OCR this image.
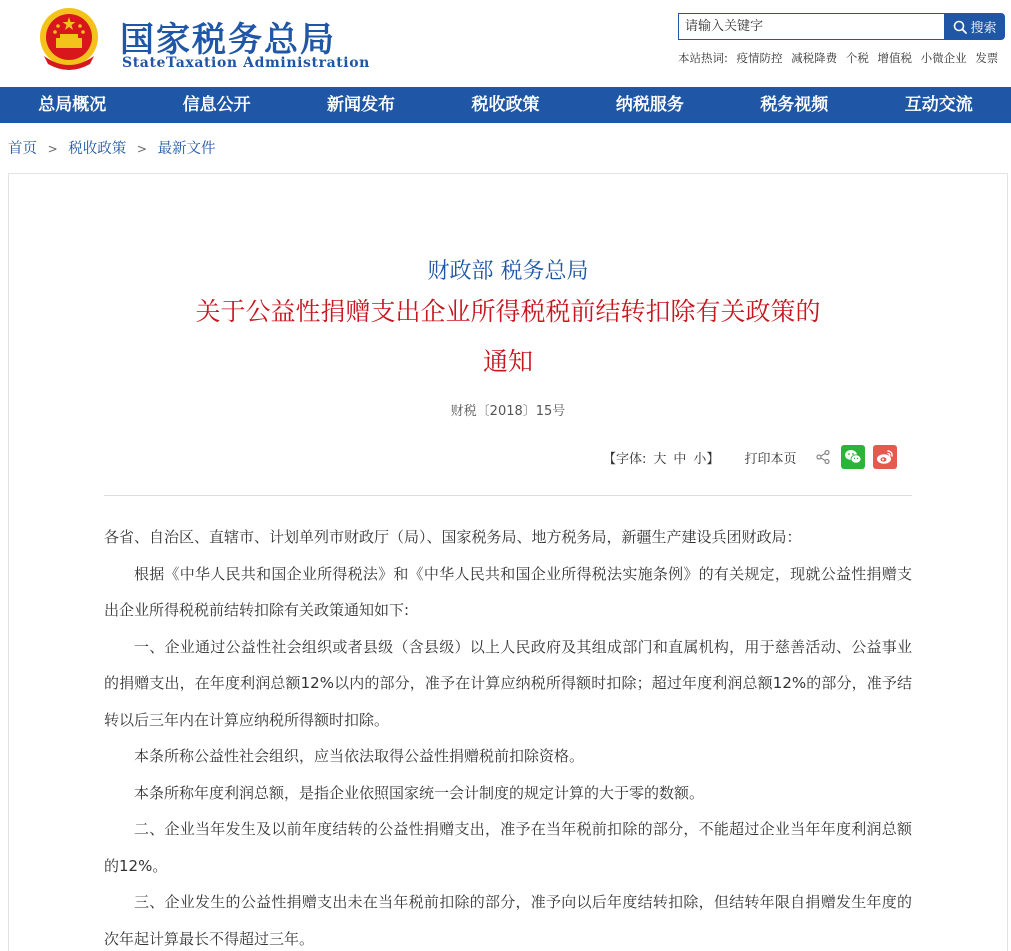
国家税务总局
StateTaxation Administration
请输入关键字
搜索
本站热词: 疫情防控 减税降费 个税 增值税 小微企业 发票
总局概况	信息公开	新闻发布	税收政策	纳税服务	税务视频	互动交流
首页 > 税收政策 > 最新文件
财政部 税务总局
关于公益性捐赠支出企业所得税税前结转扣除有关政策的
通知
财税〔2018〕15号
【字体: 大 中 小】 打印本页

各省、自治区、直辖市、计划单列市财政厅（局）、国家税务局、地方税务局，新疆生产建设兵团财政局：

根据《中华人民共和国企业所得税法》和《中华人民共和国企业所得税法实施条例》的有关规定，现就公益性捐赠支出企业所得税税前结转扣除有关政策通知如下:

一、企业通过公益性社会组织或者县级（含县级）以上人民政府及其组成部门和直属机构，用于慈善活动、公益事业的捐赠支出，在年度利润总额12%以内的部分，准予在计算应纳税所得额时扣除；超过年度利润总额12%的部分，准予结转以后三年内在计算应纳税所得额时扣除。

本条所称公益性社会组织，应当依法取得公益性捐赠税前扣除资格。

本条所称年度利润总额，是指企业依照国家统一会计制度的规定计算的大于零的数额。

二、企业当年发生及以前年度结转的公益性捐赠支出，准予在当年税前扣除的部分，不能超过企业当年年度利润总额的12%。

三、企业发生的公益性捐赠支出未在当年税前扣除的部分，准予向以后年度结转扣除，但结转年限自捐赠发生年度的次年起计算最长不得超过三年。
